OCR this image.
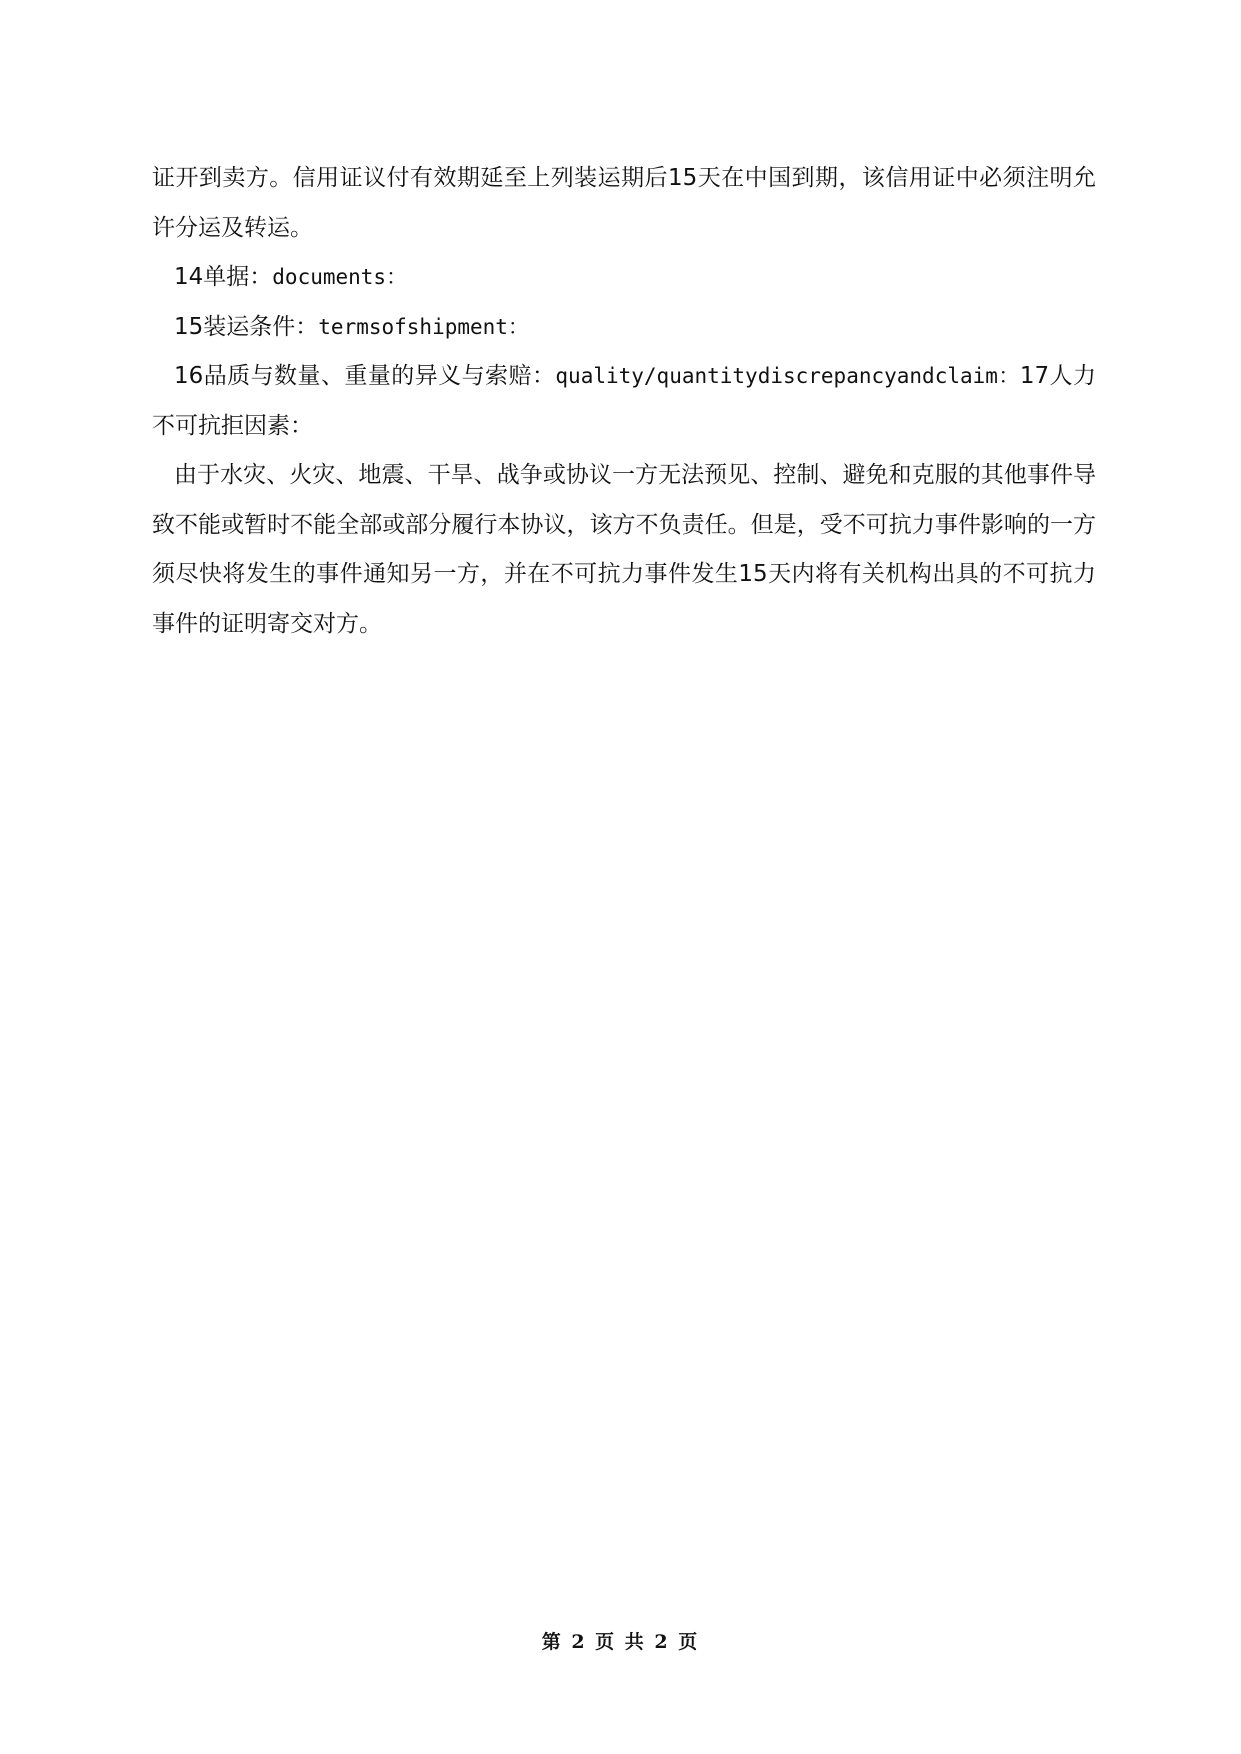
证开到卖方。信用证议付有效期延至上列装运期后15天在中国到期，该信用证中必须注明允许分运及转运。

14单据：documents：

15装运条件：termsofshipment：

16品质与数量、重量的异义与索赔：quality/quantitydiscrepancyandclaim：17人力不可抗拒因素：

由于水灾、火灾、地震、干旱、战争或协议一方无法预见、控制、避免和克服的其他事件导致不能或暂时不能全部或部分履行本协议，该方不负责任。但是，受不可抗力事件影响的一方须尽快将发生的事件通知另一方，并在不可抗力事件发生15天内将有关机构出具的不可抗力事件的证明寄交对方。

第 2 页 共 2 页
